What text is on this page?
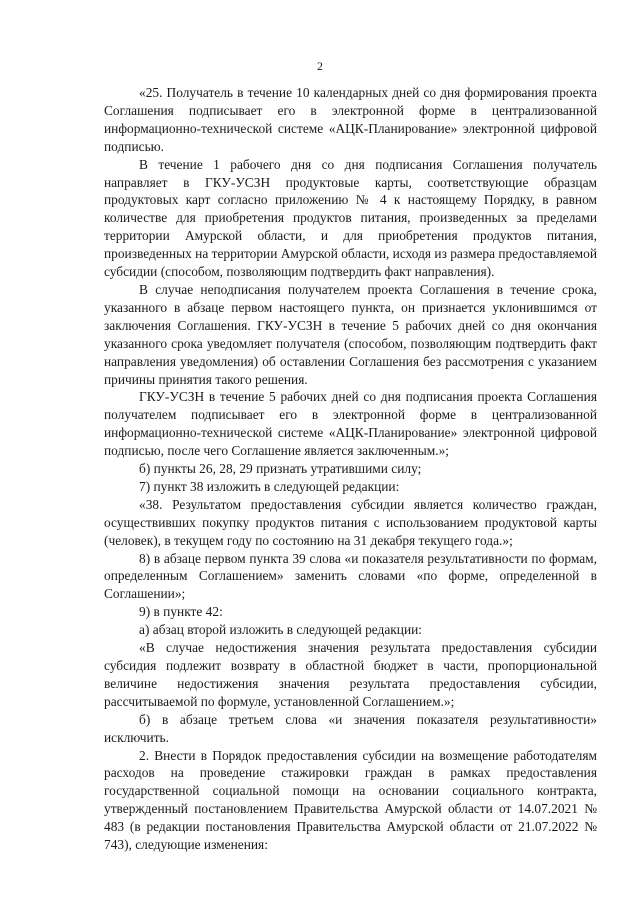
2

«25. Получатель в течение 10 календарных дней со дня формирования проекта Соглашения подписывает его в электронной форме в централизованной информационно-технической системе «АЦК-Планирование» электронной цифровой подписью.

В течение 1 рабочего дня со дня подписания Соглашения получатель направляет в ГКУ-УСЗН продуктовые карты, соответствующие образцам продуктовых карт согласно приложению № 4 к настоящему Порядку, в равном количестве для приобретения продуктов питания, произведенных за пределами территории Амурской области, и для приобретения продуктов питания, произведенных на территории Амурской области, исходя из размера предоставляемой субсидии (способом, позволяющим подтвердить факт направления).

В случае неподписания получателем проекта Соглашения в течение срока, указанного в абзаце первом настоящего пункта, он признается уклонившимся от заключения Соглашения. ГКУ-УСЗН в течение 5 рабочих дней со дня окончания указанного срока уведомляет получателя (способом, позволяющим подтвердить факт направления уведомления) об оставлении Соглашения без рассмотрения с указанием причины принятия такого решения.

ГКУ-УСЗН в течение 5 рабочих дней со дня подписания проекта Соглашения получателем подписывает его в электронной форме в централизованной информационно-технической системе «АЦК-Планирование» электронной цифровой подписью, после чего Соглашение является заключенным.»;

б) пункты 26, 28, 29 признать утратившими силу;

7) пункт 38 изложить в следующей редакции:

«38. Результатом предоставления субсидии является количество граждан, осуществивших покупку продуктов питания с использованием продуктовой карты (человек), в текущем году по состоянию на 31 декабря текущего года.»;

8) в абзаце первом пункта 39 слова «и показателя результативности по формам, определенным Соглашением» заменить словами «по форме, определенной в Соглашении»;

9) в пункте 42:

а) абзац второй изложить в следующей редакции:

«В случае недостижения значения результата предоставления субсидии субсидия подлежит возврату в областной бюджет в части, пропорциональной величине недостижения значения результата предоставления субсидии, рассчитываемой по формуле, установленной Соглашением.»;

б) в абзаце третьем слова «и значения показателя результативности» исключить.

2. Внести в Порядок предоставления субсидии на возмещение работодателям расходов на проведение стажировки граждан в рамках предоставления государственной социальной помощи на основании социального контракта, утвержденный постановлением Правительства Амурской области от 14.07.2021 № 483 (в редакции постановления Правительства Амурской области от 21.07.2022 № 743), следующие изменения:
